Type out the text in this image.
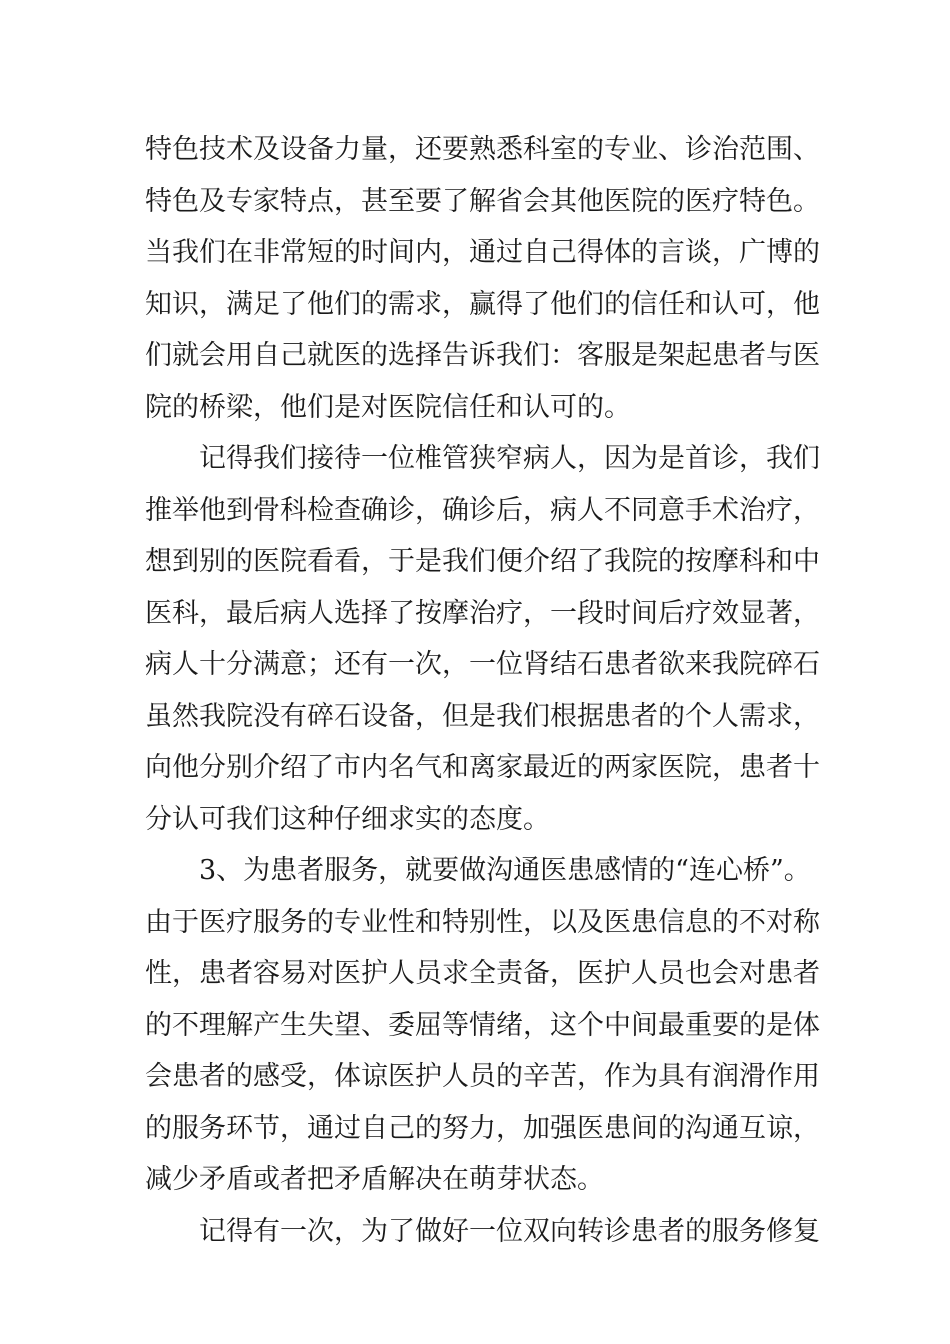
特色技术及设备力量，还要熟悉科室的专业、诊治范围、
特色及专家特点，甚至要了解省会其他医院的医疗特色。
当我们在非常短的时间内，通过自己得体的言谈，广博的
知识，满足了他们的需求，赢得了他们的信任和认可，他
们就会用自己就医的选择告诉我们：客服是架起患者与医
院的桥梁，他们是对医院信任和认可的。
记得我们接待一位椎管狭窄病人，因为是首诊，我们
推举他到骨科检查确诊，确诊后，病人不同意手术治疗，
想到别的医院看看，于是我们便介绍了我院的按摩科和中
医科，最后病人选择了按摩治疗，一段时间后疗效显著，
病人十分满意；还有一次，一位肾结石患者欲来我院碎石
虽然我院没有碎石设备，但是我们根据患者的个人需求，
向他分别介绍了市内名气和离家最近的两家医院，患者十
分认可我们这种仔细求实的态度。
3、为患者服务，就要做沟通医患感情的“连心桥”。
由于医疗服务的专业性和特别性，以及医患信息的不对称
性，患者容易对医护人员求全责备，医护人员也会对患者
的不理解产生失望、委屈等情绪，这个中间最重要的是体
会患者的感受，体谅医护人员的辛苦，作为具有润滑作用
的服务环节，通过自己的努力，加强医患间的沟通互谅，
减少矛盾或者把矛盾解决在萌芽状态。
记得有一次，为了做好一位双向转诊患者的服务修复
